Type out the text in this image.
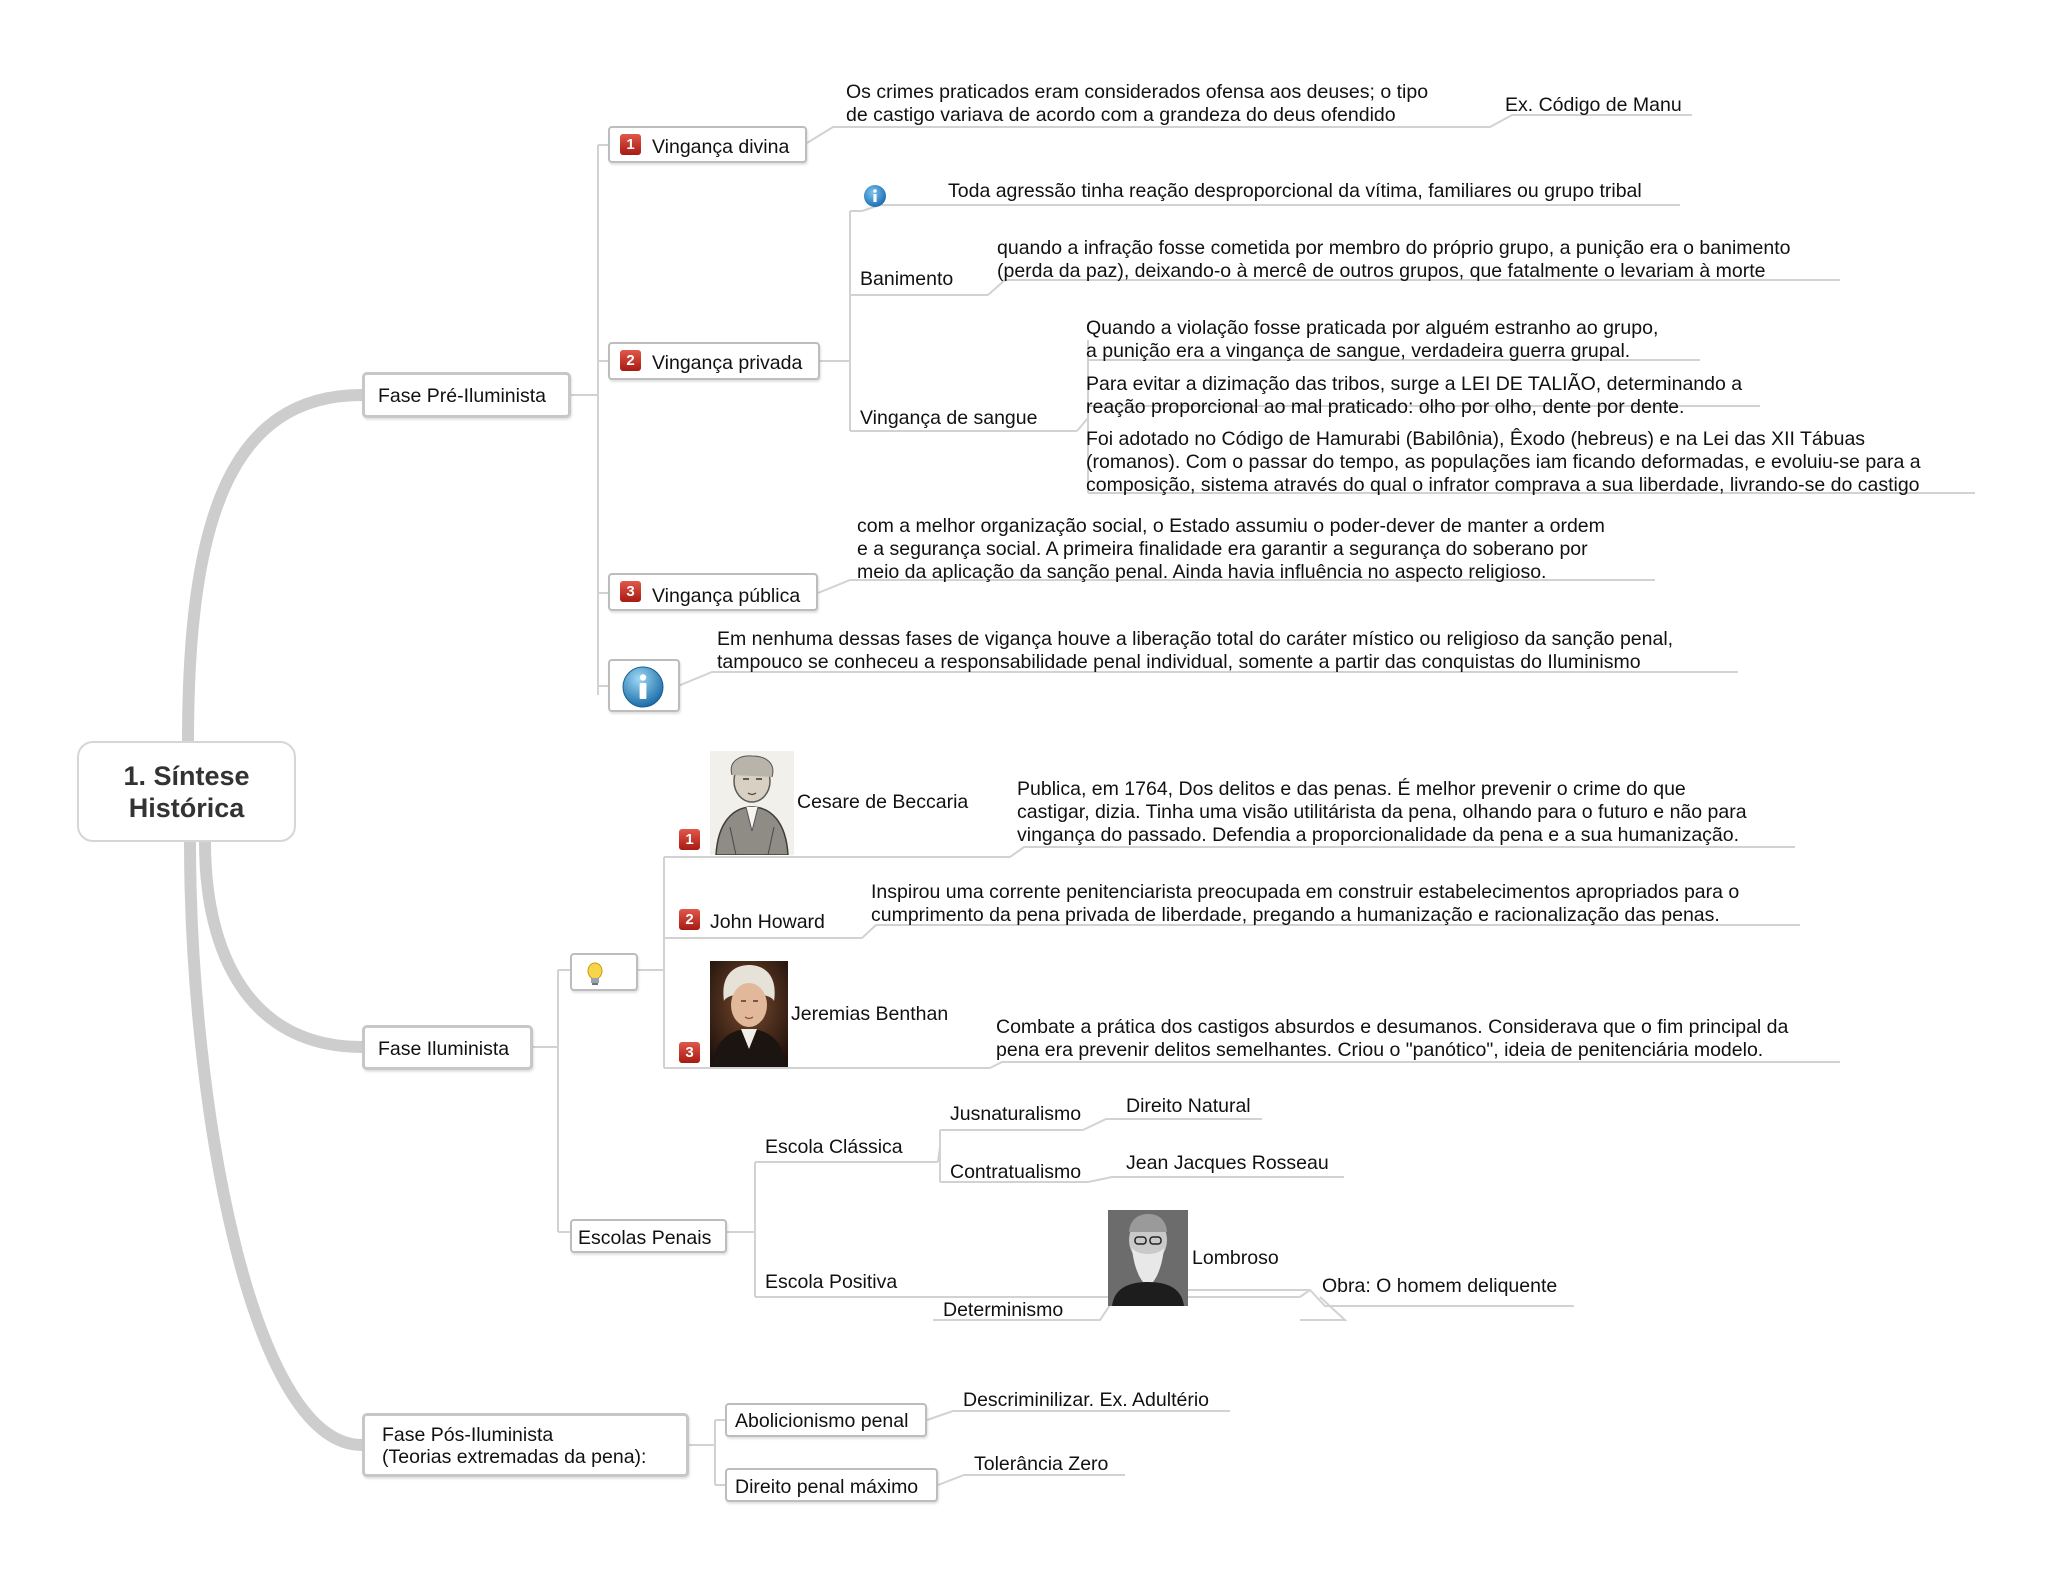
1. Síntese
Histórica
Fase Pré-Iluminista
1 Vingança divina
Os crimes praticados eram considerados ofensa aos deuses; o tipo
de castigo variava de acordo com a grandeza do deus ofendido	Ex. Código de Manu
2 Vingança privada
Toda agressão tinha reação desproporcional da vítima, familiares ou grupo tribal
Banimento
quando a infração fosse cometida por membro do próprio grupo, a punição era o banimento
(perda da paz), deixando-o à mercê de outros grupos, que fatalmente o levariam à morte
Vingança de sangue
Quando a violação fosse praticada por alguém estranho ao grupo,
a punição era a vingança de sangue, verdadeira guerra grupal.
Para evitar a dizimação das tribos, surge a LEI DE TALIÃO, determinando a
reação proporcional ao mal praticado: olho por olho, dente por dente.
Foi adotado no Código de Hamurabi (Babilônia), Êxodo (hebreus) e na Lei das XII Tábuas
(romanos). Com o passar do tempo, as populações iam ficando deformadas, e evoluiu-se para a
composição, sistema através do qual o infrator comprava a sua liberdade, livrando-se do castigo
3 Vingança pública
com a melhor organização social, o Estado assumiu o poder-dever de manter a ordem
e a segurança social. A primeira finalidade era garantir a segurança do soberano por
meio da aplicação da sanção penal. Ainda havia influência no aspecto religioso.
Em nenhuma dessas fases de vigança houve a liberação total do caráter místico ou religioso da sanção penal,
tampouco se conheceu a responsabilidade penal individual, somente a partir das conquistas do Iluminismo
Fase Iluminista
1
Cesare de Beccaria
Publica, em 1764, Dos delitos e das penas. É melhor prevenir o crime do que
castigar, dizia. Tinha uma visão utilitárista da pena, olhando para o futuro e não para
vingança do passado. Defendia a proporcionalidade da pena e a sua humanização.
2 John Howard
Inspirou uma corrente penitenciarista preocupada em construir estabelecimentos apropriados para o
cumprimento da pena privada de liberdade, pregando a humanização e racionalização das penas.
3
Jeremias Benthan
Combate a prática dos castigos absurdos e desumanos. Considerava que o fim principal da
pena era prevenir delitos semelhantes. Criou o "panótico", ideia de penitenciária modelo.
Escolas Penais
Escola Clássica
Jusnaturalismo Direito Natural
Contratualismo Jean Jacques Rosseau
Escola Positiva
Determinismo
Lombroso
Obra: O homem deliquente
Fase Pós-Iluminista
(Teorias extremadas da pena):
Abolicionismo penal
Descriminilizar. Ex. Adultério
Direito penal máximo
Tolerância Zero
